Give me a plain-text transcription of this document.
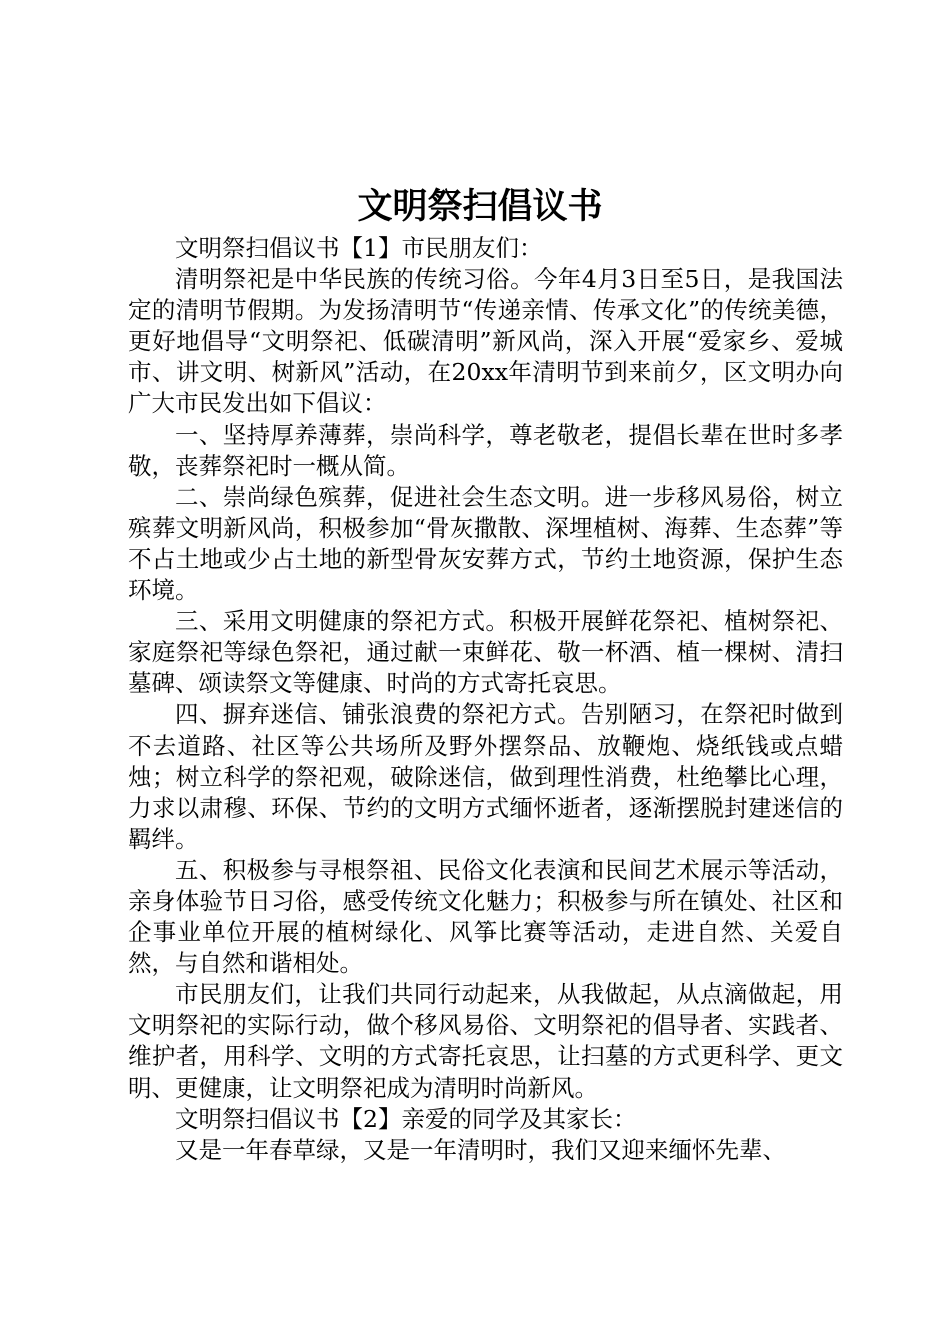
文明祭扫倡议书

文明祭扫倡议书【1】市民朋友们：

清明祭祀是中华民族的传统习俗。今年4月3日至5日，是我国法定的清明节假期。为发扬清明节“传递亲情、传承文化”的传统美德，更好地倡导“文明祭祀、低碳清明”新风尚，深入开展“爱家乡、爱城市、讲文明、树新风”活动，在20xx年清明节到来前夕，区文明办向广大市民发出如下倡议：

一、坚持厚养薄葬，崇尚科学，尊老敬老，提倡长辈在世时多孝敬，丧葬祭祀时一概从简。

二、崇尚绿色殡葬，促进社会生态文明。进一步移风易俗，树立殡葬文明新风尚，积极参加“骨灰撒散、深埋植树、海葬、生态葬”等不占土地或少占土地的新型骨灰安葬方式，节约土地资源，保护生态环境。

三、采用文明健康的祭祀方式。积极开展鲜花祭祀、植树祭祀、家庭祭祀等绿色祭祀，通过献一束鲜花、敬一杯酒、植一棵树、清扫墓碑、颂读祭文等健康、时尚的方式寄托哀思。

四、摒弃迷信、铺张浪费的祭祀方式。告别陋习，在祭祀时做到不去道路、社区等公共场所及野外摆祭品、放鞭炮、烧纸钱或点蜡烛；树立科学的祭祀观，破除迷信，做到理性消费，杜绝攀比心理，力求以肃穆、环保、节约的文明方式缅怀逝者，逐渐摆脱封建迷信的羁绊。

五、积极参与寻根祭祖、民俗文化表演和民间艺术展示等活动，亲身体验节日习俗，感受传统文化魅力；积极参与所在镇处、社区和企事业单位开展的植树绿化、风筝比赛等活动，走进自然、关爱自然，与自然和谐相处。

市民朋友们，让我们共同行动起来，从我做起，从点滴做起，用文明祭祀的实际行动，做个移风易俗、文明祭祀的倡导者、实践者、维护者，用科学、文明的方式寄托哀思，让扫墓的方式更科学、更文明、更健康，让文明祭祀成为清明时尚新风。

文明祭扫倡议书【2】亲爱的同学及其家长：

又是一年春草绿，又是一年清明时，我们又迎来缅怀先辈、
